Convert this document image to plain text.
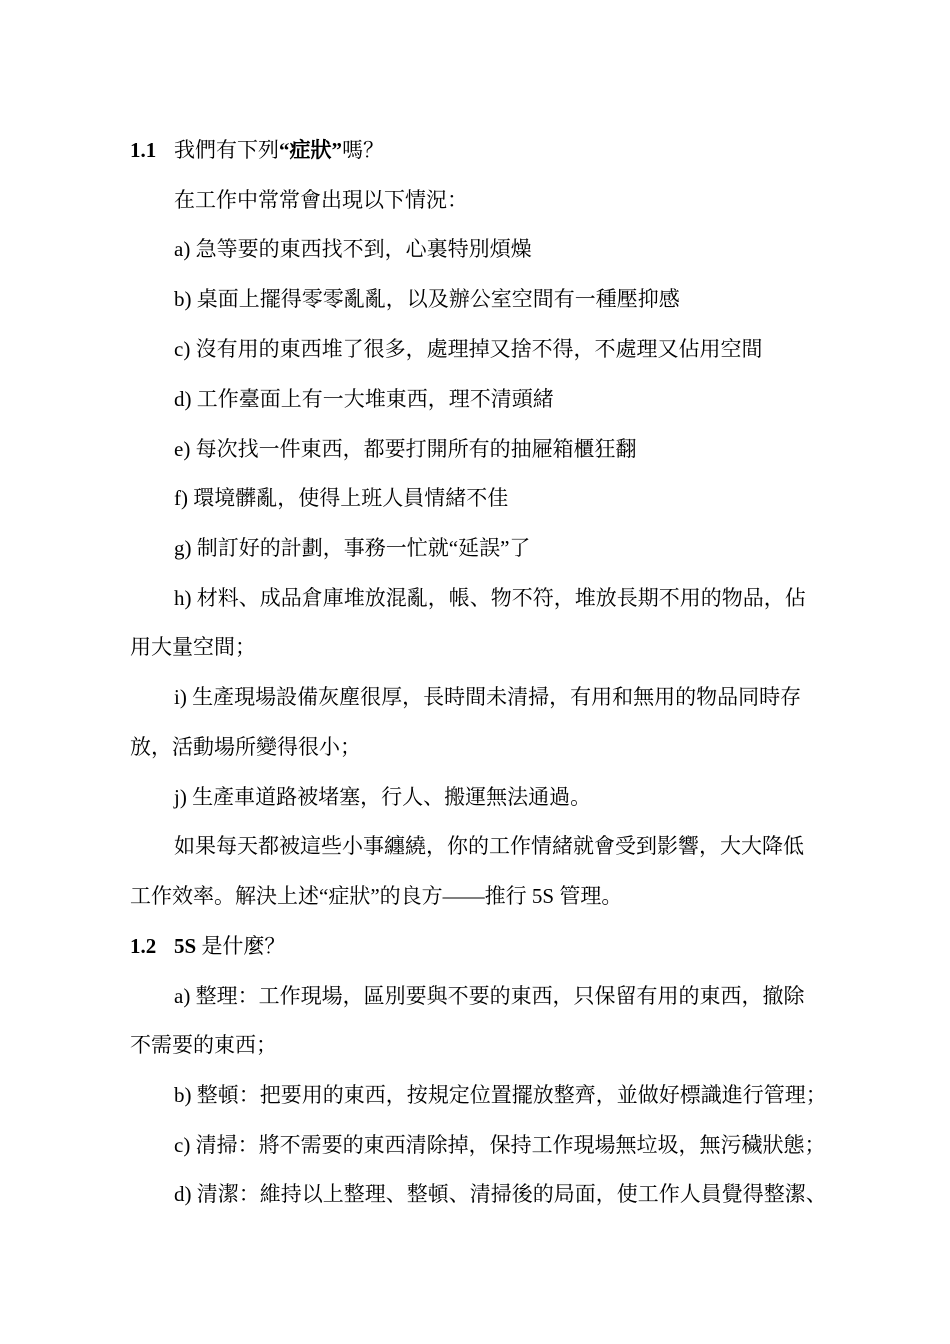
1.1 我們有下列“症狀”嗎？
在工作中常常會出現以下情況：
a) 急等要的東西找不到，心裏特別煩燥
b) 桌面上擺得零零亂亂，以及辦公室空間有一種壓抑感
c) 沒有用的東西堆了很多，處理掉又捨不得，不處理又佔用空間
d) 工作臺面上有一大堆東西，理不清頭緒
e) 每次找一件東西，都要打開所有的抽屜箱櫃狂翻
f) 環境髒亂，使得上班人員情緒不佳
g) 制訂好的計劃，事務一忙就“延誤”了
h) 材料、成品倉庫堆放混亂，帳、物不符，堆放長期不用的物品，佔
用大量空間；
i) 生產現場設備灰塵很厚，長時間未清掃，有用和無用的物品同時存
放，活動場所變得很小；
j) 生產車道路被堵塞，行人、搬運無法通過。
如果每天都被這些小事纏繞，你的工作情緒就會受到影響，大大降低
工作效率。解決上述“症狀”的良方——推行 5S 管理。
1.2 5S 是什麼？
a) 整理：工作現場，區別要與不要的東西，只保留有用的東西，撤除
不需要的東西；
b) 整頓：把要用的東西，按規定位置擺放整齊，並做好標識進行管理；
c) 清掃：將不需要的東西清除掉，保持工作現場無垃圾，無污穢狀態；
d) 清潔：維持以上整理、整頓、清掃後的局面，使工作人員覺得整潔、
